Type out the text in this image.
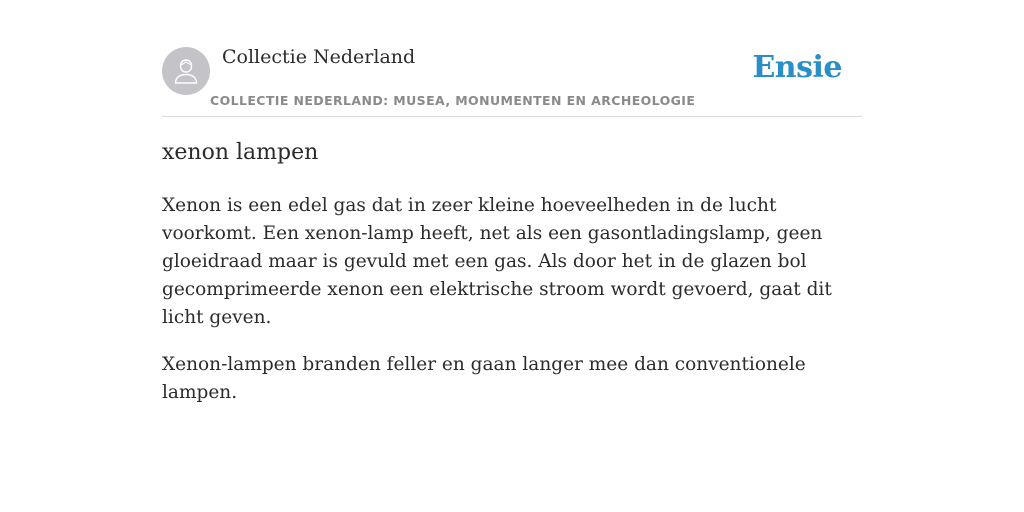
Collectie Nederland
COLLECTIE NEDERLAND: MUSEA, MONUMENTEN EN ARCHEOLOGIE
Ensie
xenon lampen

Xenon is een edel gas dat in zeer kleine hoeveelheden in de lucht voorkomt. Een xenon-lamp heeft, net als een gasontladingslamp, geen gloeidraad maar is gevuld met een gas. Als door het in de glazen bol gecomprimeerde xenon een elektrische stroom wordt gevoerd, gaat dit licht geven.

Xenon-lampen branden feller en gaan langer mee dan conventionele lampen.
